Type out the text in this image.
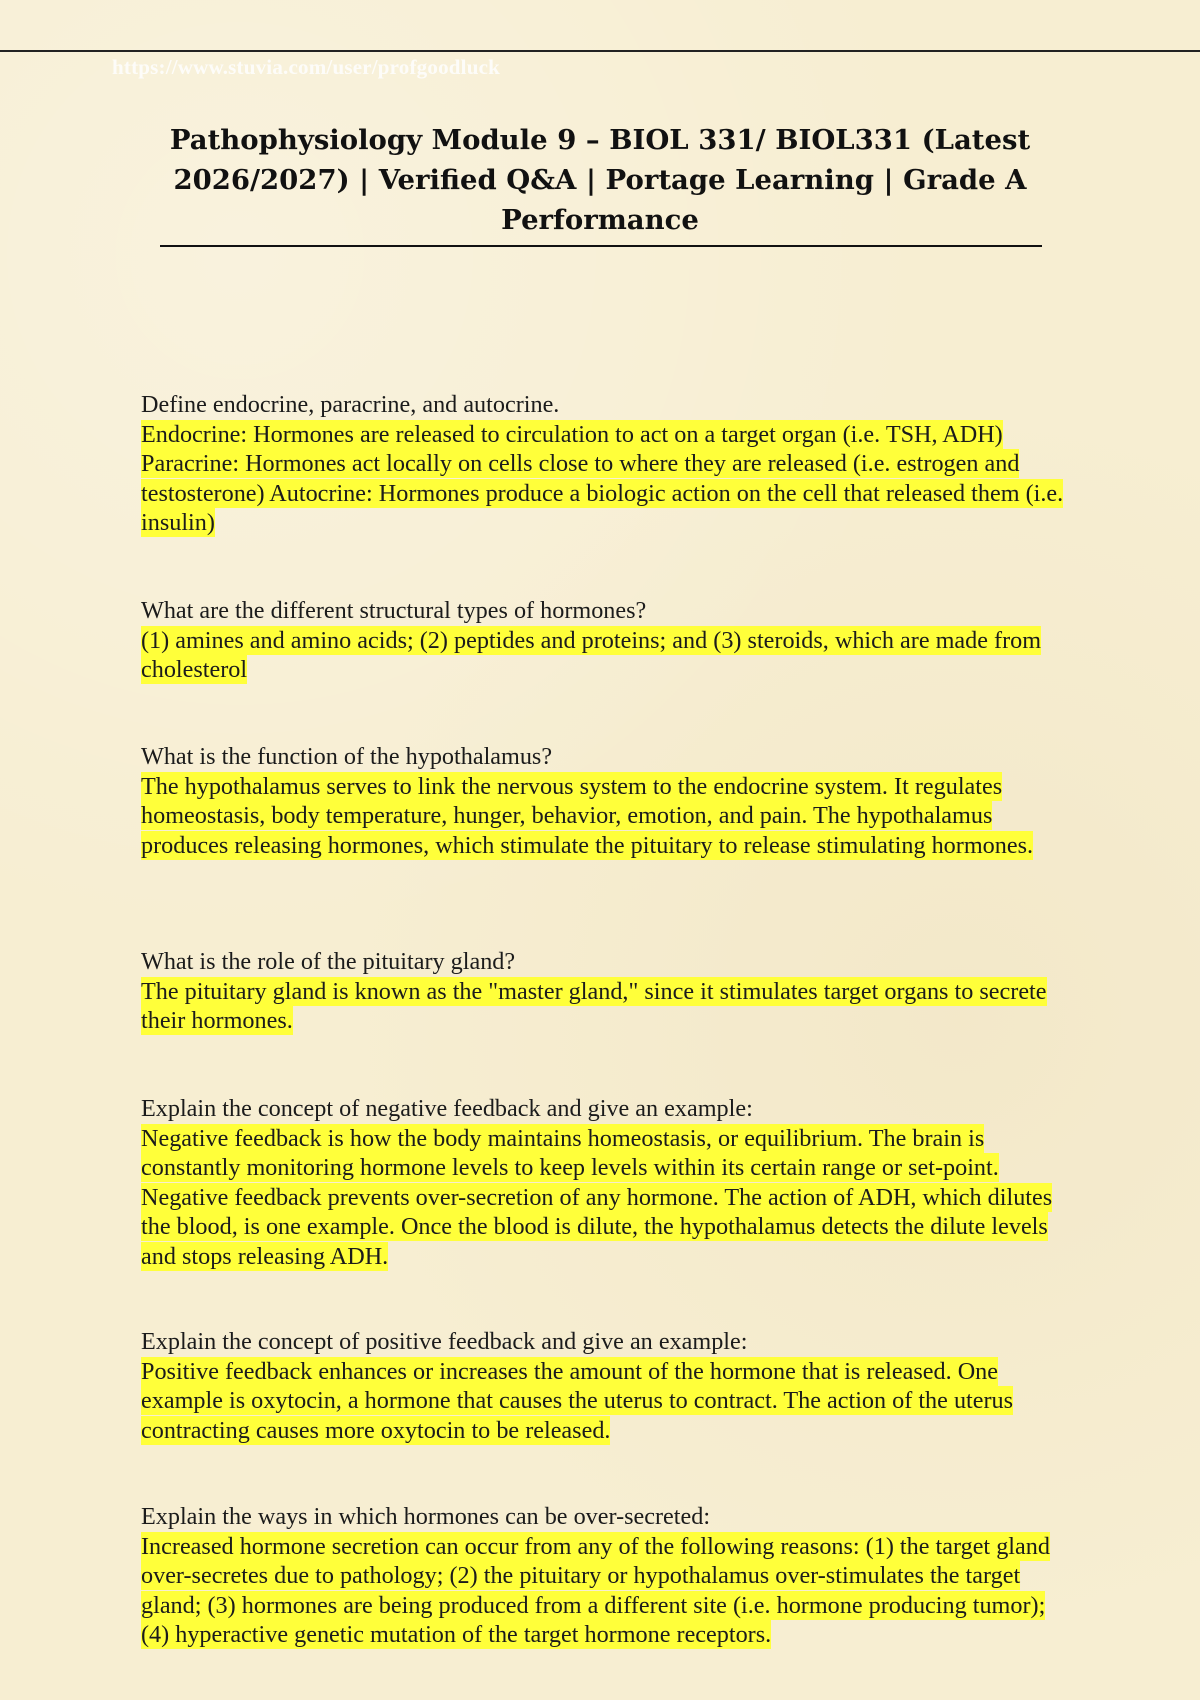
https://www.stuvia.com/user/profgoodluck
Pathophysiology Module 9 – BIOL 331/ BIOL331 (Latest 2026/2027) | Verified Q&A | Portage Learning | Grade A Performance

Define endocrine, paracrine, and autocrine.

Endocrine: Hormones are released to circulation to act on a target organ (i.e. TSH, ADH) Paracrine: Hormones act locally on cells close to where they are released (i.e. estrogen and testosterone) Autocrine: Hormones produce a biologic action on the cell that released them (i.e. insulin)

What are the different structural types of hormones?

(1) amines and amino acids; (2) peptides and proteins; and (3) steroids, which are made from cholesterol

What is the function of the hypothalamus?

The hypothalamus serves to link the nervous system to the endocrine system. It regulates homeostasis, body temperature, hunger, behavior, emotion, and pain. The hypothalamus produces releasing hormones, which stimulate the pituitary to release stimulating hormones.

What is the role of the pituitary gland?

The pituitary gland is known as the "master gland," since it stimulates target organs to secrete their hormones.

Explain the concept of negative feedback and give an example:

Negative feedback is how the body maintains homeostasis, or equilibrium. The brain is constantly monitoring hormone levels to keep levels within its certain range or set-point. Negative feedback prevents over-secretion of any hormone. The action of ADH, which dilutes the blood, is one example. Once the blood is dilute, the hypothalamus detects the dilute levels and stops releasing ADH.

Explain the concept of positive feedback and give an example:

Positive feedback enhances or increases the amount of the hormone that is released. One example is oxytocin, a hormone that causes the uterus to contract. The action of the uterus contracting causes more oxytocin to be released.

Explain the ways in which hormones can be over-secreted:

Increased hormone secretion can occur from any of the following reasons: (1) the target gland over-secretes due to pathology; (2) the pituitary or hypothalamus over-stimulates the target gland; (3) hormones are being produced from a different site (i.e. hormone producing tumor); (4) hyperactive genetic mutation of the target hormone receptors.
